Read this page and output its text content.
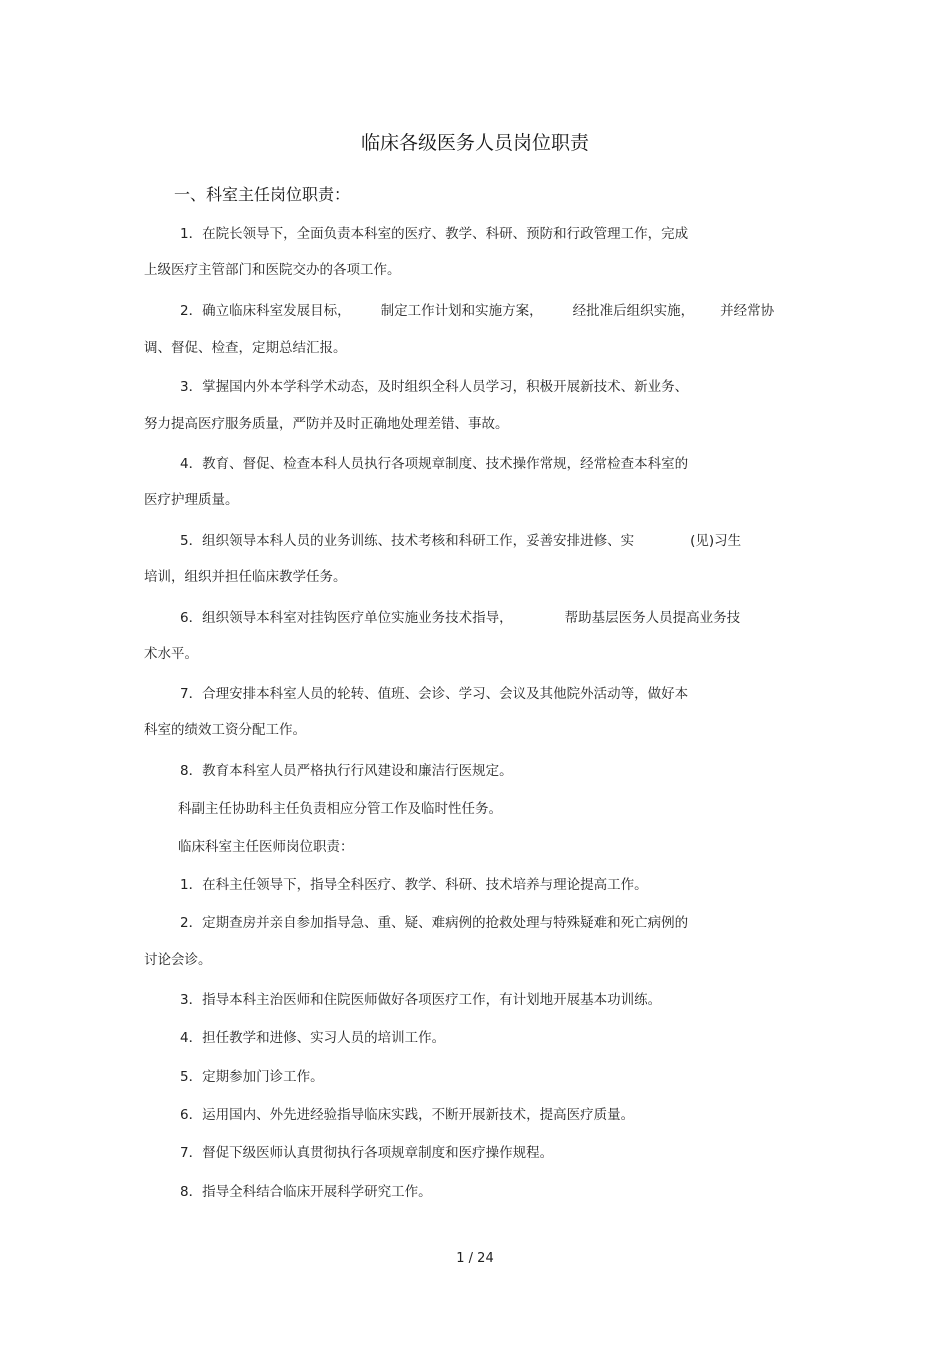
临床各级医务人员岗位职责
一、科室主任岗位职责：
1．在院长领导下，全面负责本科室的医疗、教学、科研、预防和行政管理工作，完成
上级医疗主管部门和医院交办的各项工作。
2．确立临床科室发展目标， 制定工作计划和实施方案， 经批准后组织实施， 并经常协
调、督促、检查，定期总结汇报。
3．掌握国内外本学科学术动态，及时组织全科人员学习，积极开展新技术、新业务、
努力提高医疗服务质量，严防并及时正确地处理差错、事故。
4．教育、督促、检查本科人员执行各项规章制度、技术操作常规，经常检查本科室的
医疗护理质量。
5．组织领导本科人员的业务训练、技术考核和科研工作，妥善安排进修、实	(见)习生
培训，组织并担任临床教学任务。
6．组织领导本科室对挂钩医疗单位实施业务技术指导，	帮助基层医务人员提高业务技
术水平。
7．合理安排本科室人员的轮转、值班、会诊、学习、会议及其他院外活动等，做好本
科室的绩效工资分配工作。
8．教育本科室人员严格执行行风建设和廉洁行医规定。
科副主任协助科主任负责相应分管工作及临时性任务。
临床科室主任医师岗位职责：
1．在科主任领导下，指导全科医疗、教学、科研、技术培养与理论提高工作。
2．定期查房并亲自参加指导急、重、疑、难病例的抢救处理与特殊疑难和死亡病例的
讨论会诊。
3．指导本科主治医师和住院医师做好各项医疗工作，有计划地开展基本功训练。
4．担任教学和进修、实习人员的培训工作。
5．定期参加门诊工作。
6．运用国内、外先进经验指导临床实践，不断开展新技术，提高医疗质量。
7．督促下级医师认真贯彻执行各项规章制度和医疗操作规程。
8．指导全科结合临床开展科学研究工作。
1 / 24
